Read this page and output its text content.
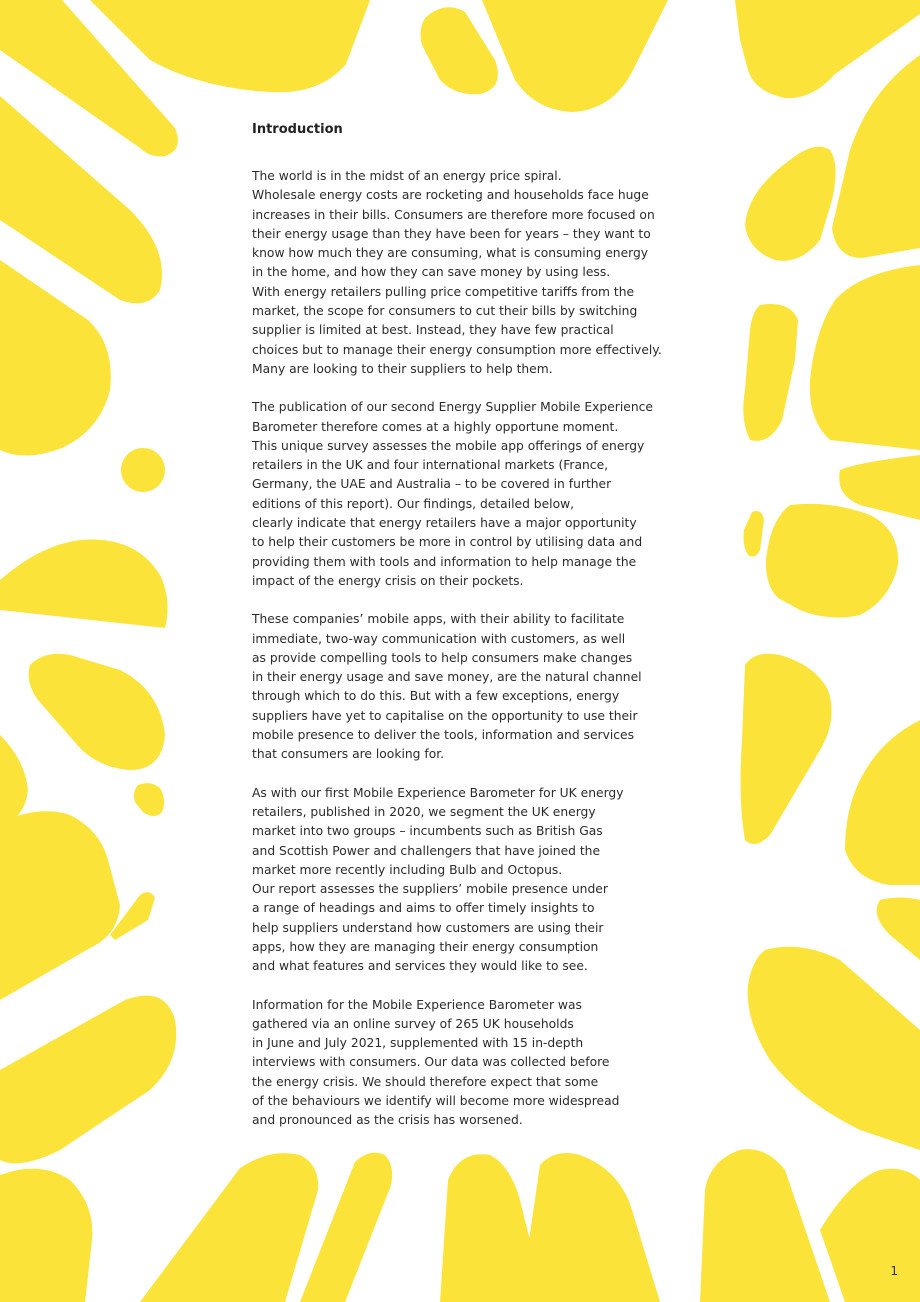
Introduction

The world is in the midst of an energy price spiral.
Wholesale energy costs are rocketing and households face huge
increases in their bills. Consumers are therefore more focused on
their energy usage than they have been for years – they want to
know how much they are consuming, what is consuming energy
in the home, and how they can save money by using less.
With energy retailers pulling price competitive tariffs from the
market, the scope for consumers to cut their bills by switching
supplier is limited at best. Instead, they have few practical
choices but to manage their energy consumption more effectively.
Many are looking to their suppliers to help them.

The publication of our second Energy Supplier Mobile Experience
Barometer therefore comes at a highly opportune moment.
This unique survey assesses the mobile app offerings of energy
retailers in the UK and four international markets (France,
Germany, the UAE and Australia – to be covered in further
editions of this report). Our findings, detailed below,
clearly indicate that energy retailers have a major opportunity
to help their customers be more in control by utilising data and
providing them with tools and information to help manage the
impact of the energy crisis on their pockets.

These companies’ mobile apps, with their ability to facilitate
immediate, two-way communication with customers, as well
as provide compelling tools to help consumers make changes
in their energy usage and save money, are the natural channel
through which to do this. But with a few exceptions, energy
suppliers have yet to capitalise on the opportunity to use their
mobile presence to deliver the tools, information and services
that consumers are looking for.

As with our first Mobile Experience Barometer for UK energy
retailers, published in 2020, we segment the UK energy
market into two groups – incumbents such as British Gas
and Scottish Power and challengers that have joined the
market more recently including Bulb and Octopus.
Our report assesses the suppliers’ mobile presence under
a range of headings and aims to offer timely insights to
help suppliers understand how customers are using their
apps, how they are managing their energy consumption
and what features and services they would like to see.

Information for the Mobile Experience Barometer was
gathered via an online survey of 265 UK households
in June and July 2021, supplemented with 15 in-depth
interviews with consumers. Our data was collected before
the energy crisis. We should therefore expect that some
of the behaviours we identify will become more widespread
and pronounced as the crisis has worsened.

1
